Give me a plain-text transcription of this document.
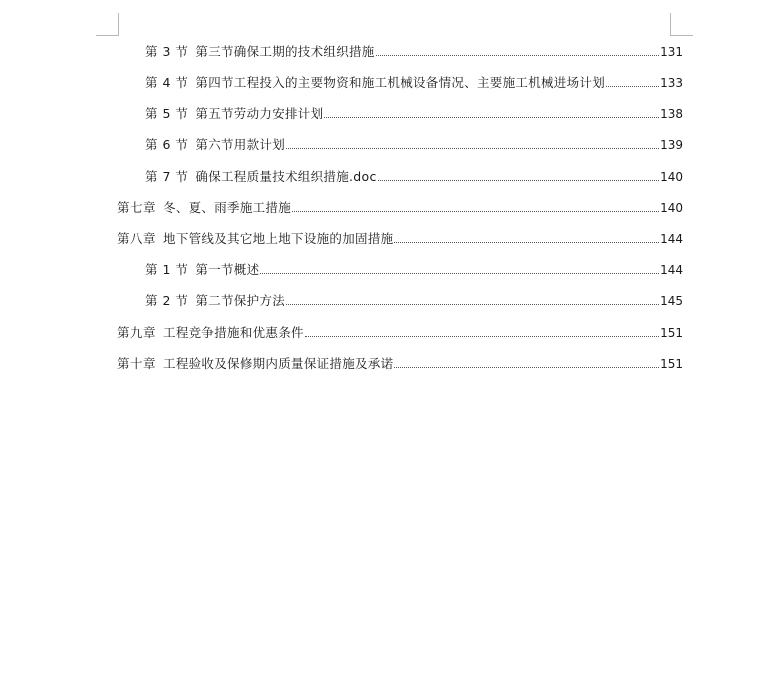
第 3 节 第三节确保工期的技术组织措施	131
第 4 节 第四节工程投入的主要物资和施工机械设备情况、主要施工机械进场计划	133
第 5 节 第五节劳动力安排计划	138
第 6 节 第六节用款计划	139
第 7 节 确保工程质量技术组织措施.doc	140
第七章 冬、夏、雨季施工措施	140
第八章 地下管线及其它地上地下设施的加固措施	144
第 1 节 第一节概述	144
第 2 节 第二节保护方法	145
第九章 工程竞争措施和优惠条件	151
第十章 工程验收及保修期内质量保证措施及承诺	151
